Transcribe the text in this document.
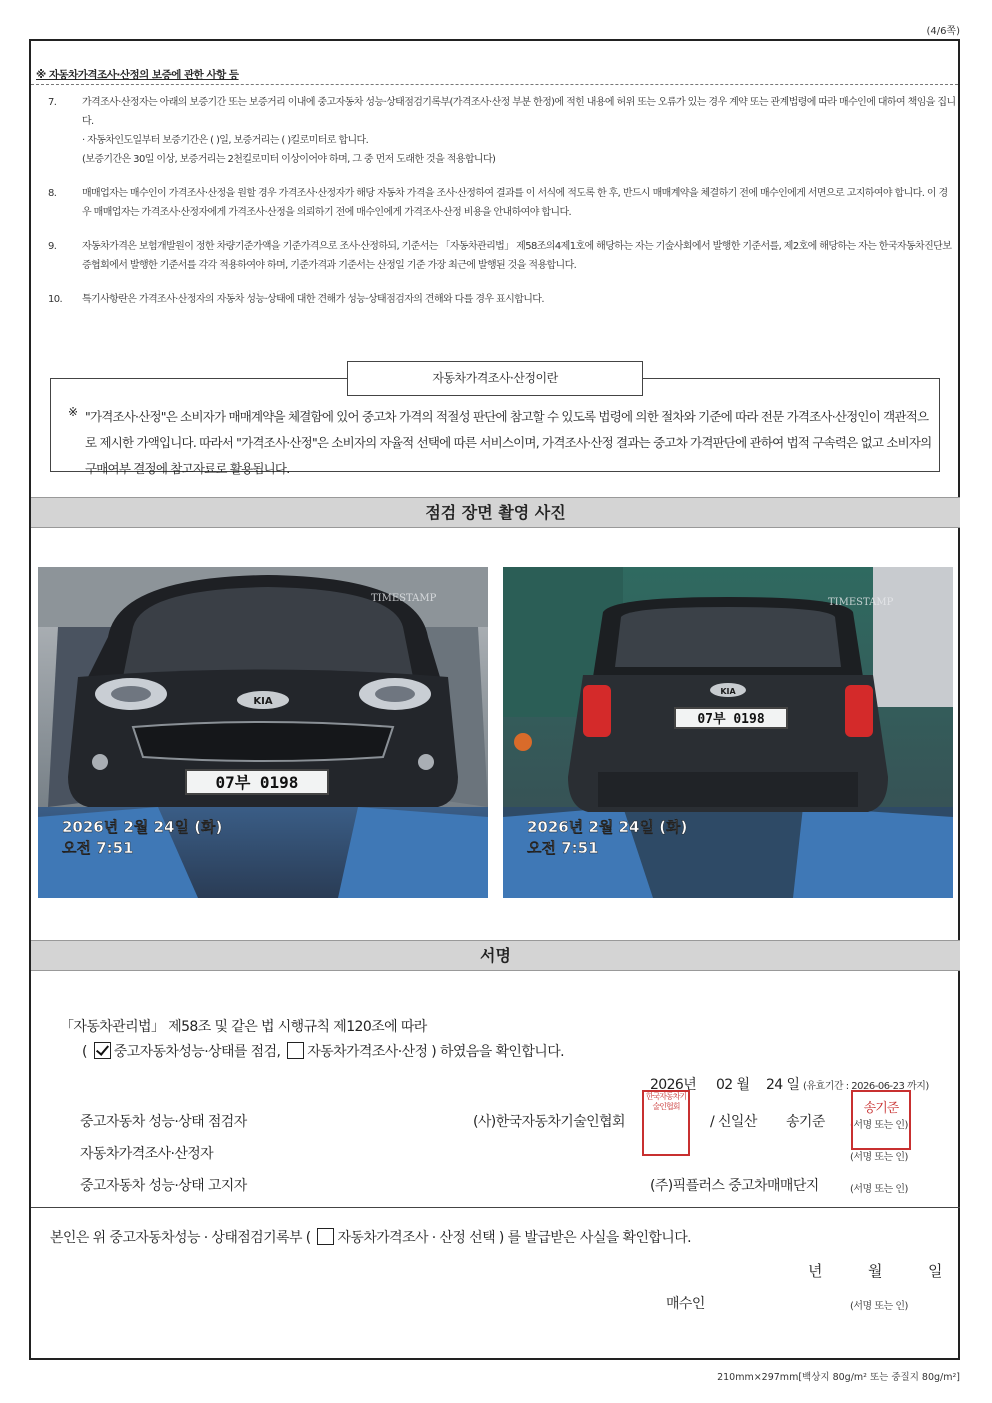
(4/6쪽)
※ 자동차가격조사·산정의 보증에 관한 사항 등
7.	가격조사·산정자는 아래의 보증기간 또는 보증거리 이내에 중고자동차 성능·상태점검기록부(가격조사·산정 부분 한정)에 적힌 내용에 허위 또는 오류가 있는 경우 계약 또는 관계법령에 따라 매수인에 대하여 책임을 집니다.
· 자동차인도일부터 보증기간은 ( )일, 보증거리는 ( )킬로미터로 합니다.
(보증기간은 30일 이상, 보증거리는 2천킬로미터 이상이어야 하며, 그 중 먼저 도래한 것을 적용합니다)
8.	매매업자는 매수인이 가격조사·산정을 원할 경우 가격조사·산정자가 해당 자동차 가격을 조사·산정하여 결과를 이 서식에 적도록 한 후, 반드시 매매계약을 체결하기 전에 매수인에게 서면으로 고지하여야 합니다. 이 경우 매매업자는 가격조사·산정자에게 가격조사·산정을 의뢰하기 전에 매수인에게 가격조사·산정 비용을 안내하여야 합니다.
9.	자동차가격은 보험개발원이 정한 차량기준가액을 기준가격으로 조사·산정하되, 기준서는 「자동차관리법」 제58조의4제1호에 해당하는 자는 기술사회에서 발행한 기준서를, 제2호에 해당하는 자는 한국자동차진단보증협회에서 발행한 기준서를 각각 적용하여야 하며, 기준가격과 기준서는 산정일 기준 가장 최근에 발행된 것을 적용합니다.
10.	특기사항란은 가격조사·산정자의 자동차 성능·상태에 대한 견해가 성능·상태점검자의 견해와 다를 경우 표시합니다.
자동차가격조사·산정이란
※ "가격조사·산정"은 소비자가 매매계약을 체결함에 있어 중고차 가격의 적절성 판단에 참고할 수 있도록 법령에 의한 절차와 기준에 따라 전문 가격조사·산정인이 객관적으로 제시한 가액입니다. 따라서 "가격조사·산정"은 소비자의 자율적 선택에 따른 서비스이며, 가격조사·산정 결과는 중고차 가격판단에 관하여 법적 구속력은 없고 소비자의 구매여부 결정에 참고자료로 활용됩니다.
점검 장면 촬영 사진
07부 0198
KIA
TIMESTAMP
2026년 2월 24일 (화)
오전 7:51
07부 0198
KIA
TIMESTAMP
2026년 2월 24일 (화)
오전 7:51
서명
「자동차관리법」 제58조 및 같은 법 시행규칙 제120조에 따라
( 중고자동차성능·상태를 점검, 자동차가격조사·산정 ) 하였음을 확인합니다.
2026년 02 월 24 일 (유효기간 : 2026-06-23 까지)
중고자동차 성능·상태 점검자	(사)한국자동차기술인협회
한국자동차기술인협회
/ 신일산 송기준	(서명 또는 인)
송기준
자동차가격조사·산정자	(서명 또는 인)
중고자동차 성능·상태 고지자	(주)픽플러스 중고차매매단지	(서명 또는 인)
본인은 위 중고자동차성능 · 상태점검기록부 ( 자동차가격조사 · 산정 선택 ) 를 발급받은 사실을 확인합니다.
년	월	일
매수인	(서명 또는 인)
210mm×297mm[백상지 80g/m² 또는 중질지 80g/m²]
